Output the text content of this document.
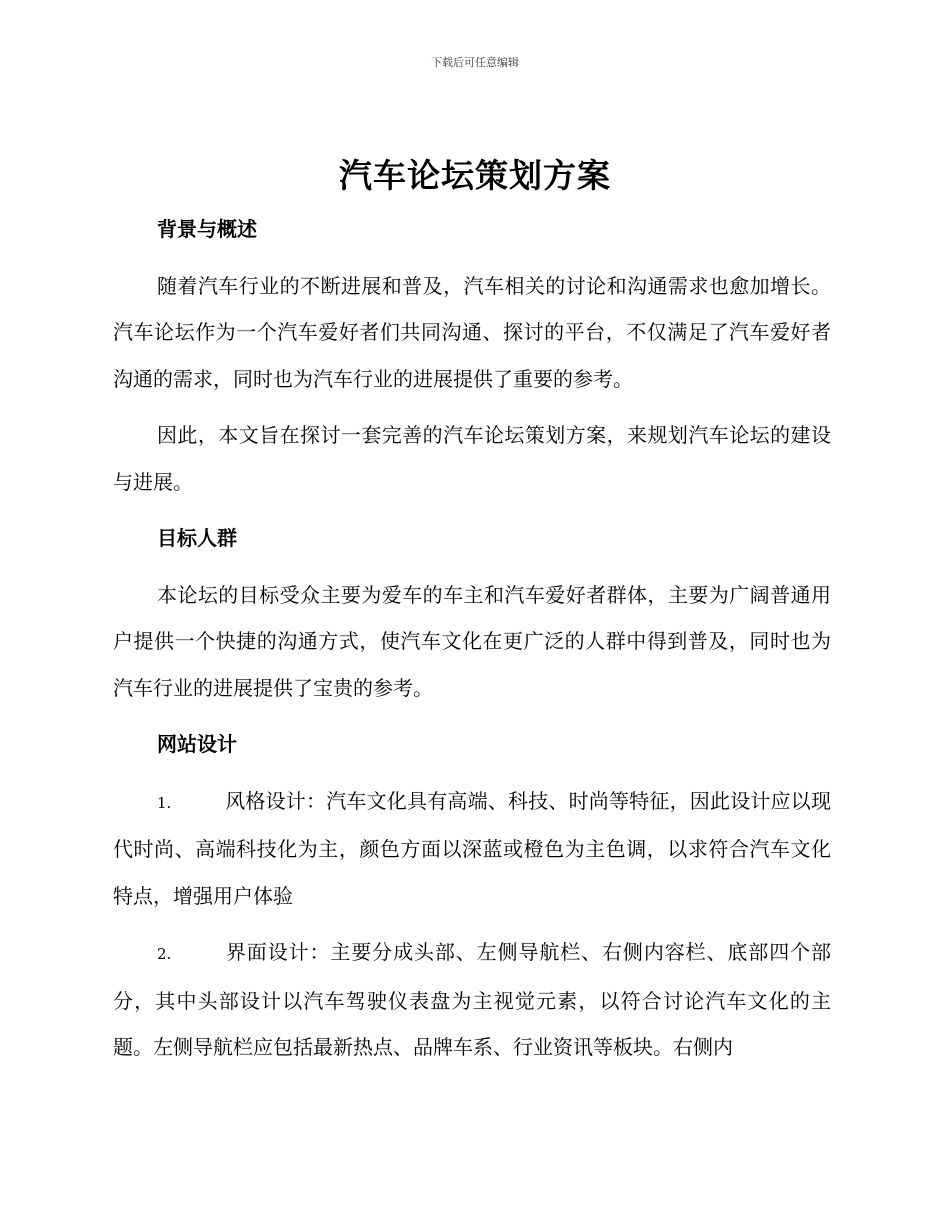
下载后可任意编辑
汽车论坛策划方案

背景与概述

随着汽车行业的不断进展和普及，汽车相关的讨论和沟通需求也愈加增长。汽车论坛作为一个汽车爱好者们共同沟通、探讨的平台，不仅满足了汽车爱好者沟通的需求，同时也为汽车行业的进展提供了重要的参考。

因此，本文旨在探讨一套完善的汽车论坛策划方案，来规划汽车论坛的建设与进展。

目标人群

本论坛的目标受众主要为爱车的车主和汽车爱好者群体，主要为广阔普通用户提供一个快捷的沟通方式，使汽车文化在更广泛的人群中得到普及，同时也为汽车行业的进展提供了宝贵的参考。

网站设计

1.	风格设计：汽车文化具有高端、科技、时尚等特征，因此设计应以现代时尚、高端科技化为主，颜色方面以深蓝或橙色为主色调，以求符合汽车文化特点，增强用户体验

2.	界面设计：主要分成头部、左侧导航栏、右侧内容栏、底部四个部分，其中头部设计以汽车驾驶仪表盘为主视觉元素，以符合讨论汽车文化的主题。左侧导航栏应包括最新热点、品牌车系、行业资讯等板块。右侧内
